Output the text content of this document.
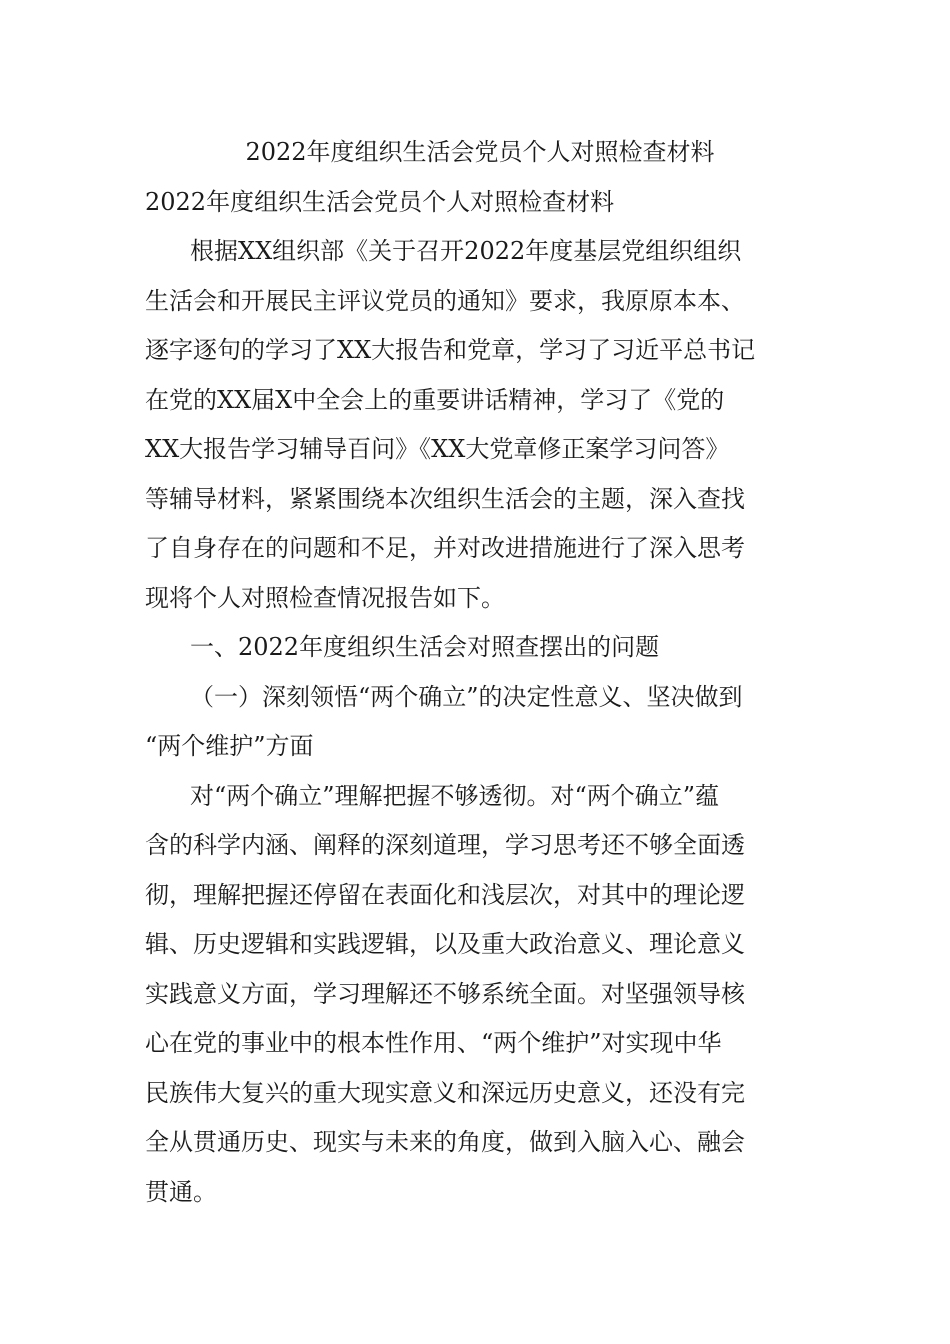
2022年度组织生活会党员个人对照检查材料

2022年度组织生活会党员个人对照检查材料

根据XX组织部《关于召开2022年度基层党组织组织

生活会和开展民主评议党员的通知》要求，我原原本本、

逐字逐句的学习了XX大报告和党章，学习了习近平总书记

在党的XX届X中全会上的重要讲话精神，学习了《党的

XX大报告学习辅导百问》《XX大党章修正案学习问答》

等辅导材料，紧紧围绕本次组织生活会的主题，深入查找

了自身存在的问题和不足，并对改进措施进行了深入思考

现将个人对照检查情况报告如下。

一、2022年度组织生活会对照查摆出的问题

（一）深刻领悟“两个确立”的决定性意义、坚决做到

“两个维护”方面

对“两个确立”理解把握不够透彻。对“两个确立”蕴

含的科学内涵、阐释的深刻道理，学习思考还不够全面透

彻，理解把握还停留在表面化和浅层次，对其中的理论逻

辑、历史逻辑和实践逻辑，以及重大政治意义、理论意义

实践意义方面，学习理解还不够系统全面。对坚强领导核

心在党的事业中的根本性作用、“两个维护”对实现中华

民族伟大复兴的重大现实意义和深远历史意义，还没有完

全从贯通历史、现实与未来的角度，做到入脑入心、融会

贯通。
